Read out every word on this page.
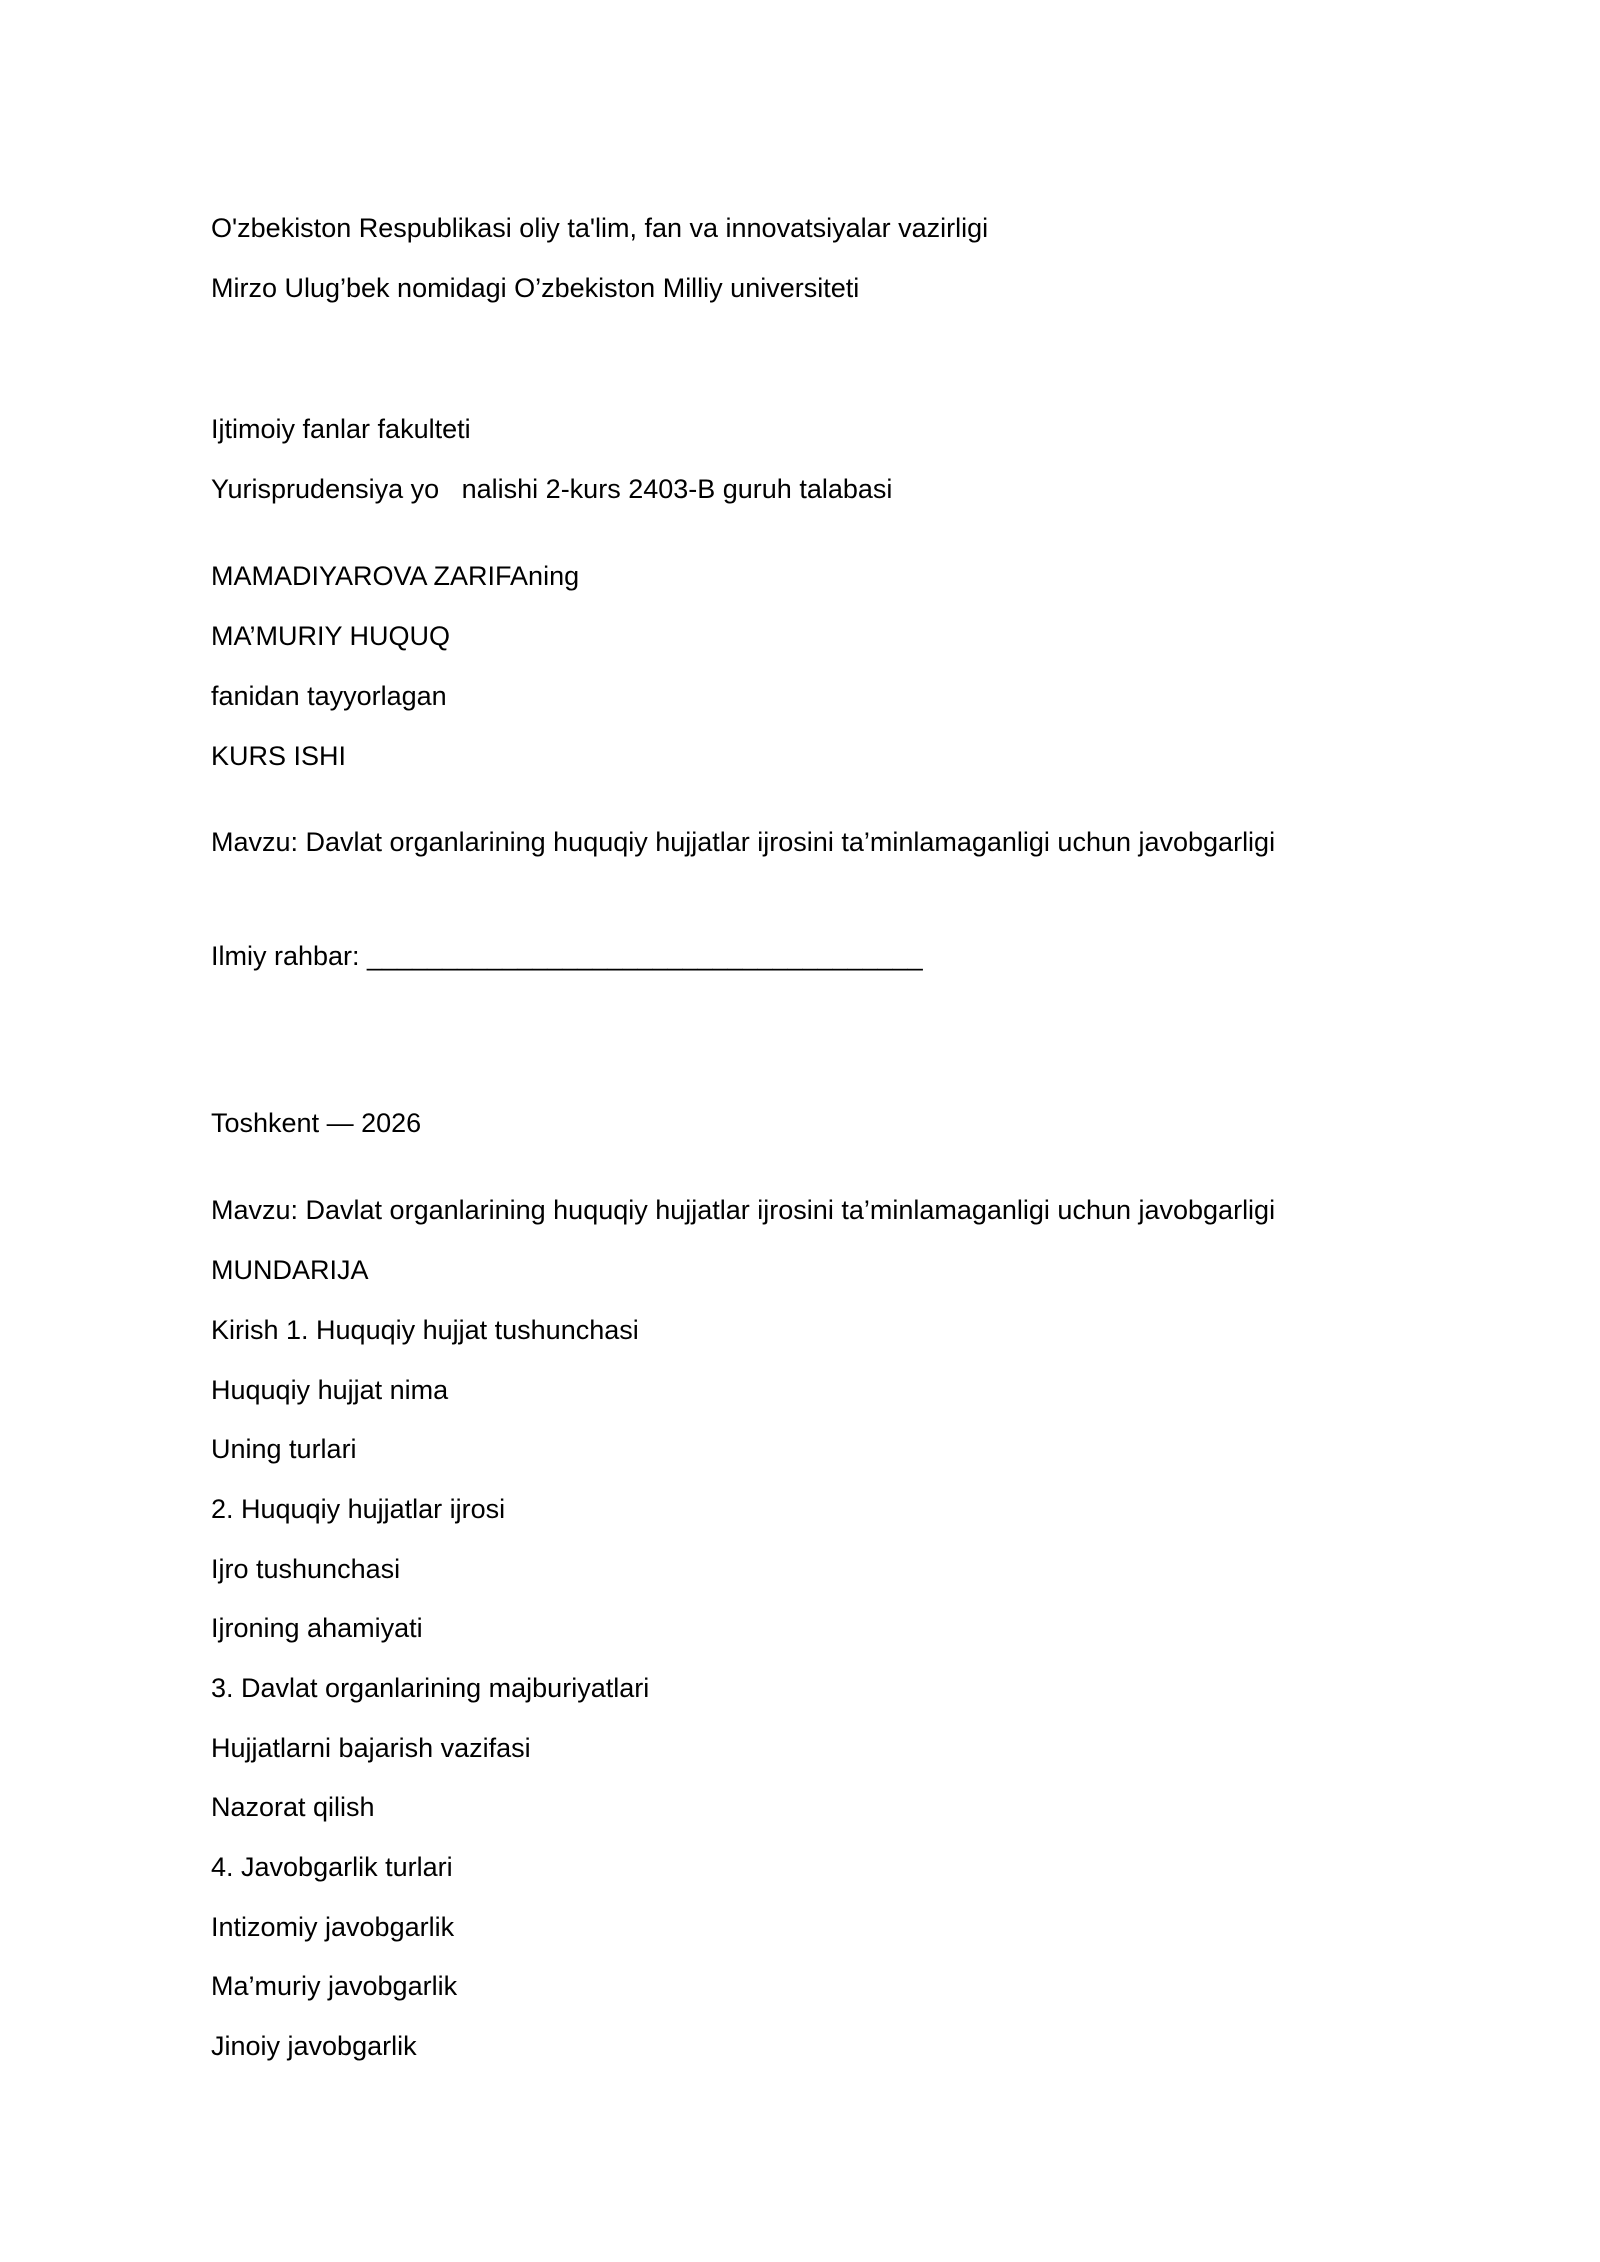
O'zbekiston Respublikasi oliy ta'lim, fan va innovatsiyalar vazirligi

Mirzo Ulug’bek nomidagi O’zbekiston Milliy universiteti

Ijtimoiy fanlar fakulteti

Yurisprudensiya yo   nalishi 2-kurs 2403-B guruh talabasi

MAMADIYAROVA ZARIFAning

MA’MURIY HUQUQ

fanidan tayyorlagan

KURS ISHI

Mavzu: Davlat organlarining huquqiy hujjatlar ijrosini ta’minlamaganligi uchun javobgarligi

Ilmiy rahbar: _____________________________________

Toshkent — 2026

Mavzu: Davlat organlarining huquqiy hujjatlar ijrosini ta’minlamaganligi uchun javobgarligi

MUNDARIJA

Kirish 1. Huquqiy hujjat tushunchasi

Huquqiy hujjat nima

Uning turlari

2. Huquqiy hujjatlar ijrosi

Ijro tushunchasi

Ijroning ahamiyati

3. Davlat organlarining majburiyatlari

Hujjatlarni bajarish vazifasi

Nazorat qilish

4. Javobgarlik turlari

Intizomiy javobgarlik

Ma’muriy javobgarlik

Jinoiy javobgarlik
